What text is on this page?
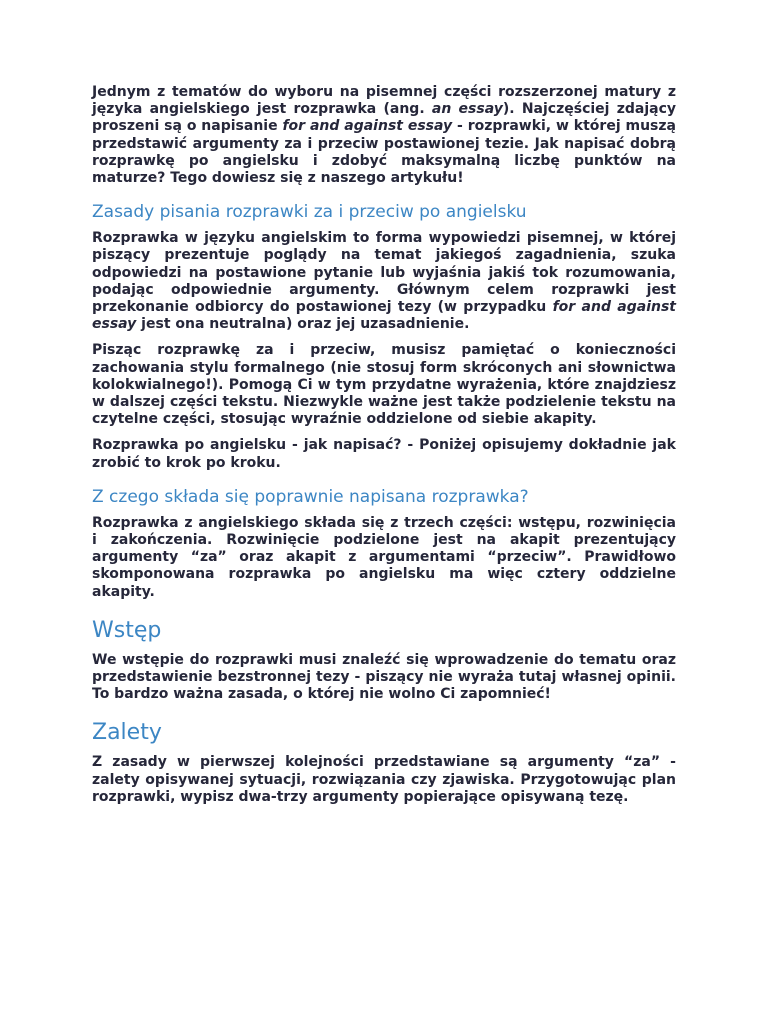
Jednym z tematów do wyboru na pisemnej części rozszerzonej matury z języka angielskiego jest rozprawka (ang. an essay). Najczęściej zdający proszeni są o napisanie for and against essay - rozprawki, w której muszą przedstawić argumenty za i przeciw postawionej tezie. Jak napisać dobrą rozprawkę po angielsku i zdobyć maksymalną liczbę punktów na maturze? Tego dowiesz się z naszego artykułu!

Zasady pisania rozprawki za i przeciw po angielsku

Rozprawka w języku angielskim to forma wypowiedzi pisemnej, w której piszący prezentuje poglądy na temat jakiegoś zagadnienia, szuka odpowiedzi na postawione pytanie lub wyjaśnia jakiś tok rozumowania, podając odpowiednie argumenty. Głównym celem rozprawki jest przekonanie odbiorcy do postawionej tezy (w przypadku for and against essay jest ona neutralna) oraz jej uzasadnienie.

Pisząc rozprawkę za i przeciw, musisz pamiętać o konieczności zachowania stylu formalnego (nie stosuj form skróconych ani słownictwa kolokwialnego!). Pomogą Ci w tym przydatne wyrażenia, które znajdziesz w dalszej części tekstu. Niezwykle ważne jest także podzielenie tekstu na czytelne części, stosując wyraźnie oddzielone od siebie akapity.

Rozprawka po angielsku - jak napisać? - Poniżej opisujemy dokładnie jak zrobić to krok po kroku.

Z czego składa się poprawnie napisana rozprawka?

Rozprawka z angielskiego składa się z trzech części: wstępu, rozwinięcia i zakończenia. Rozwinięcie podzielone jest na akapit prezentujący argumenty “za” oraz akapit z argumentami “przeciw”. Prawidłowo skomponowana rozprawka po angielsku ma więc cztery oddzielne akapity.

Wstęp

We wstępie do rozprawki musi znaleźć się wprowadzenie do tematu oraz przedstawienie bezstronnej tezy - piszący nie wyraża tutaj własnej opinii. To bardzo ważna zasada, o której nie wolno Ci zapomnieć!

Zalety

Z zasady w pierwszej kolejności przedstawiane są argumenty “za” - zalety opisywanej sytuacji, rozwiązania czy zjawiska. Przygotowując plan rozprawki, wypisz dwa-trzy argumenty popierające opisywaną tezę.
